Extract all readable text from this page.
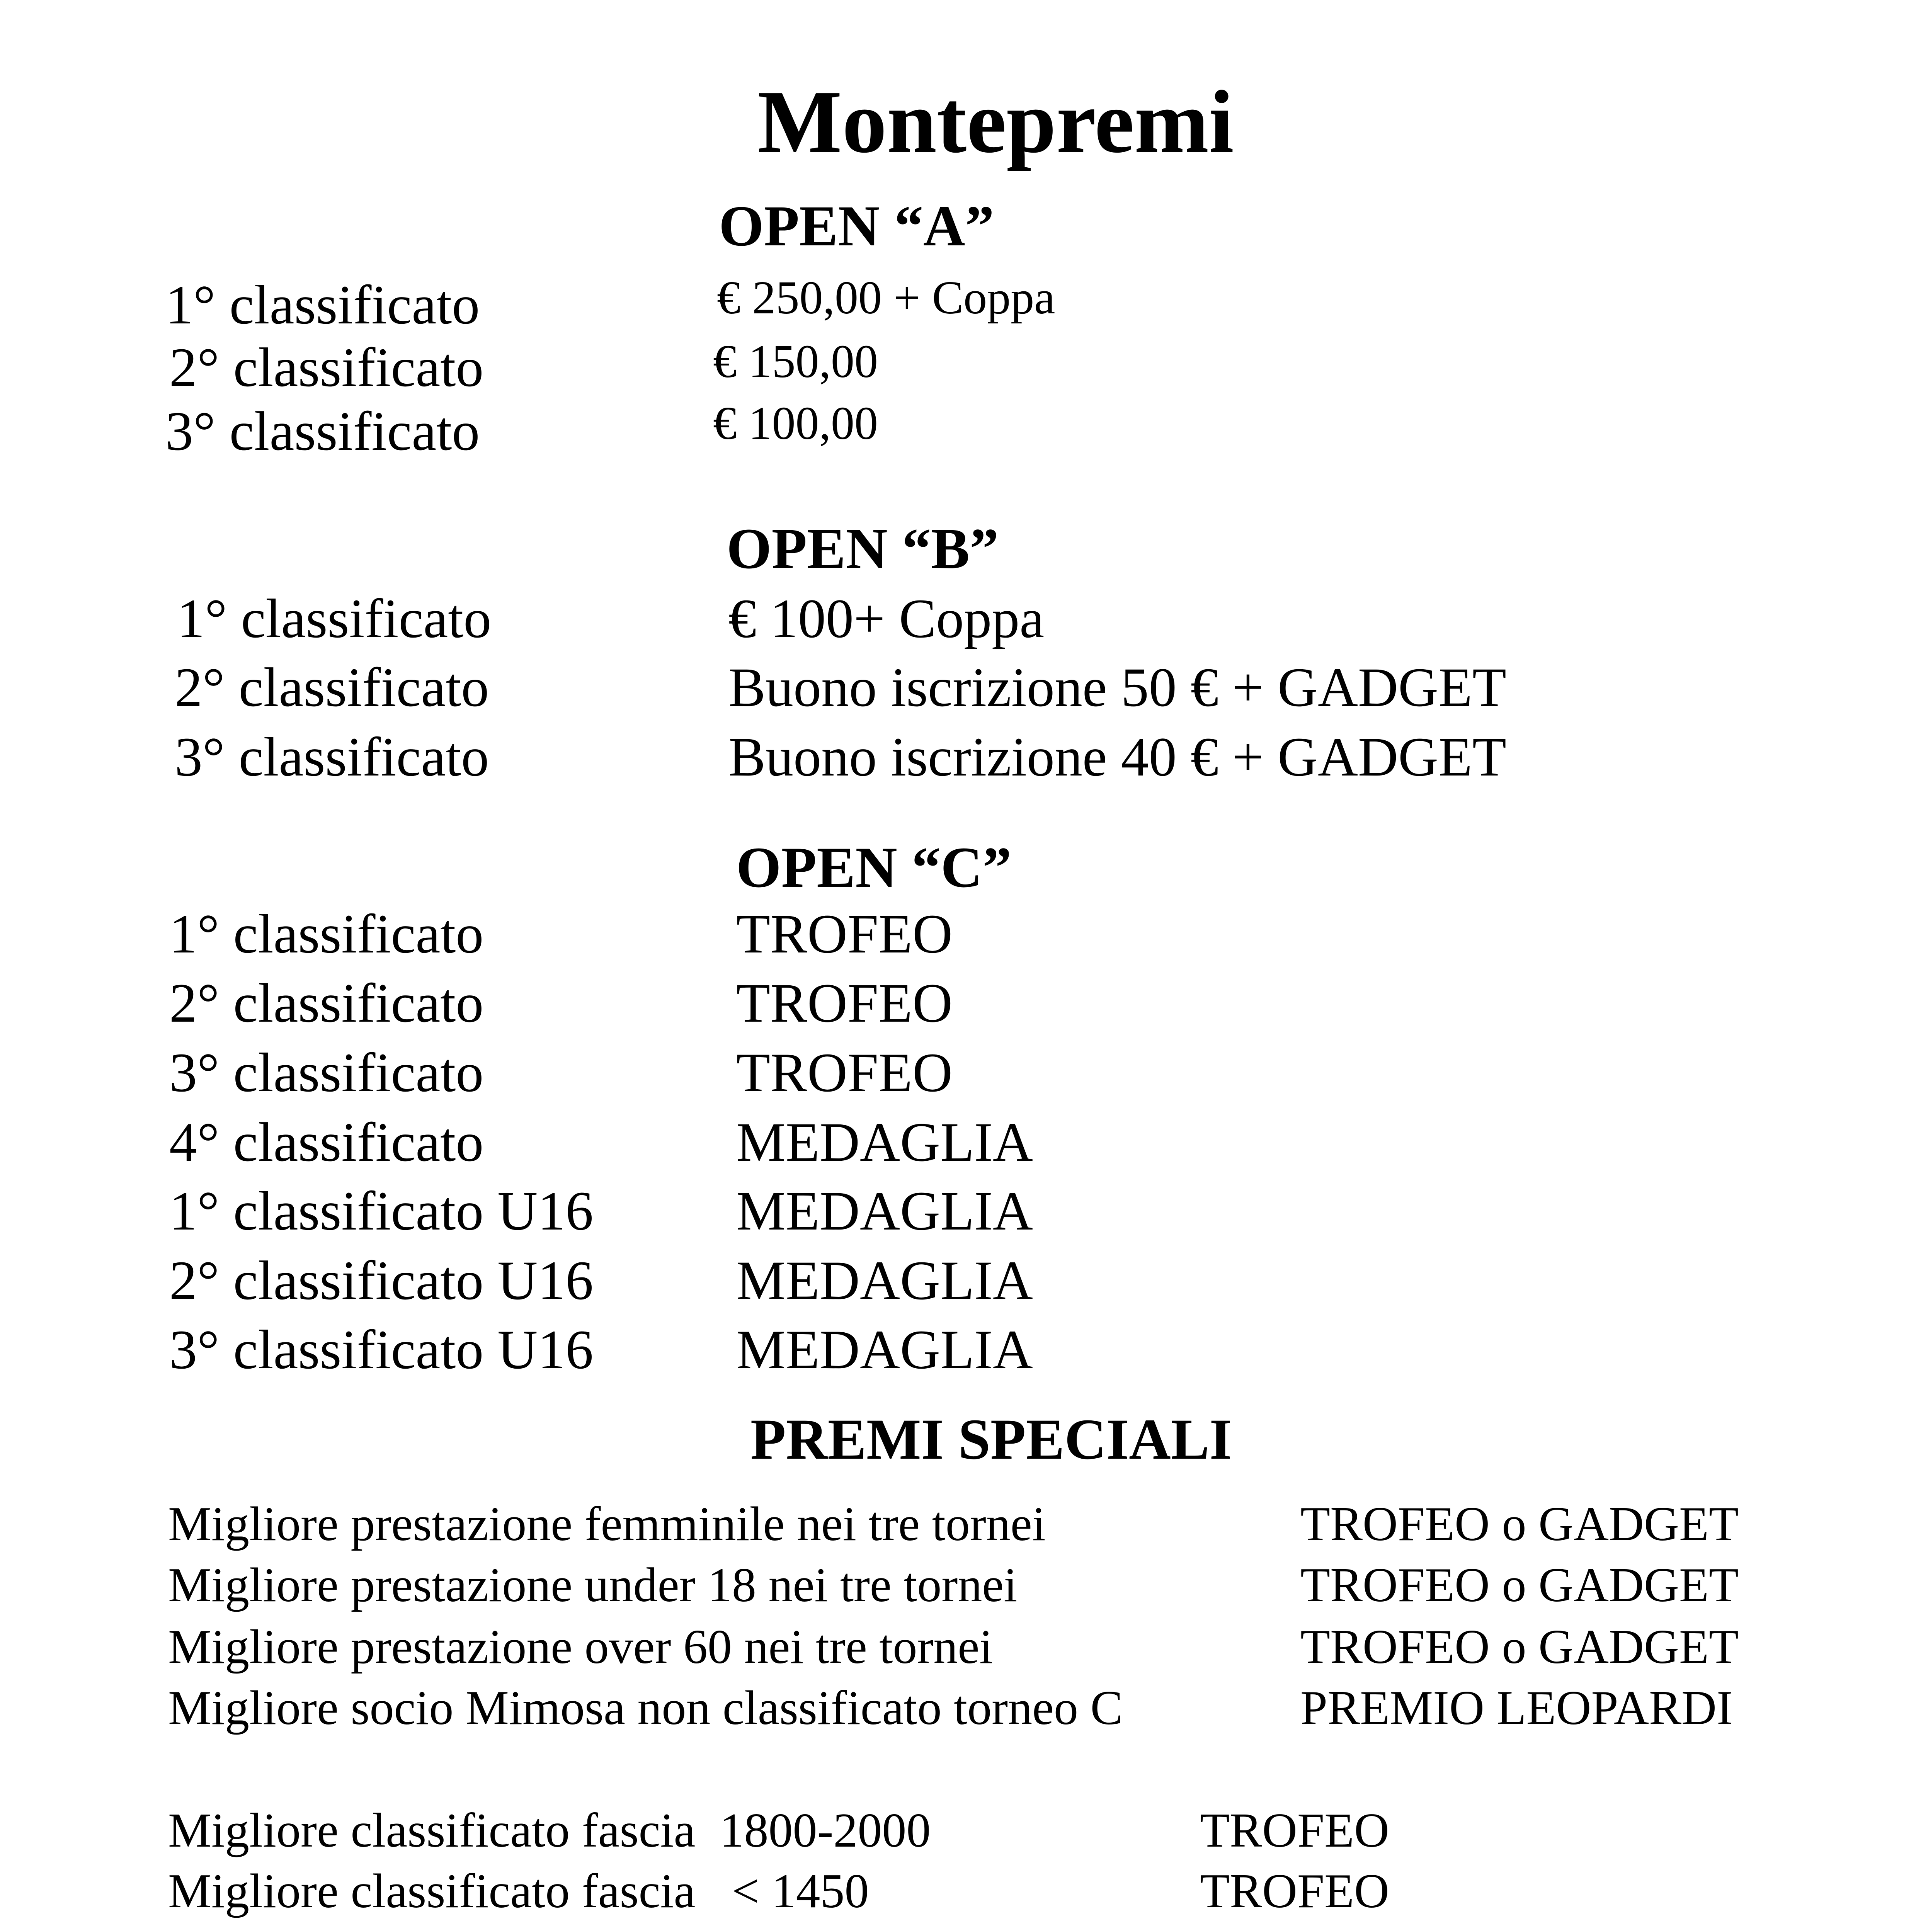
Montepremi
OPEN “A”
1° classificato	€ 250,00 + Coppa
2° classificato	€ 150,00
3° classificato	€ 100,00
OPEN “B”
1° classificato	€ 100+ Coppa
2° classificato	Buono iscrizione 50 € + GADGET
3° classificato	Buono iscrizione 40 € + GADGET
OPEN “C”
1° classificato	TROFEO
2° classificato	TROFEO
3° classificato	TROFEO
4° classificato	MEDAGLIA
1° classificato U16	MEDAGLIA
2° classificato U16	MEDAGLIA
3° classificato U16	MEDAGLIA
PREMI SPECIALI
Migliore prestazione femminile nei tre tornei	TROFEO o GADGET
Migliore prestazione under 18 nei tre tornei	TROFEO o GADGET
Migliore prestazione over 60 nei tre tornei	TROFEO o GADGET
Migliore socio Mimosa non classificato torneo C	PREMIO LEOPARDI
Migliore classificato fascia  1800-2000	TROFEO
Migliore classificato fascia   < 1450	TROFEO
